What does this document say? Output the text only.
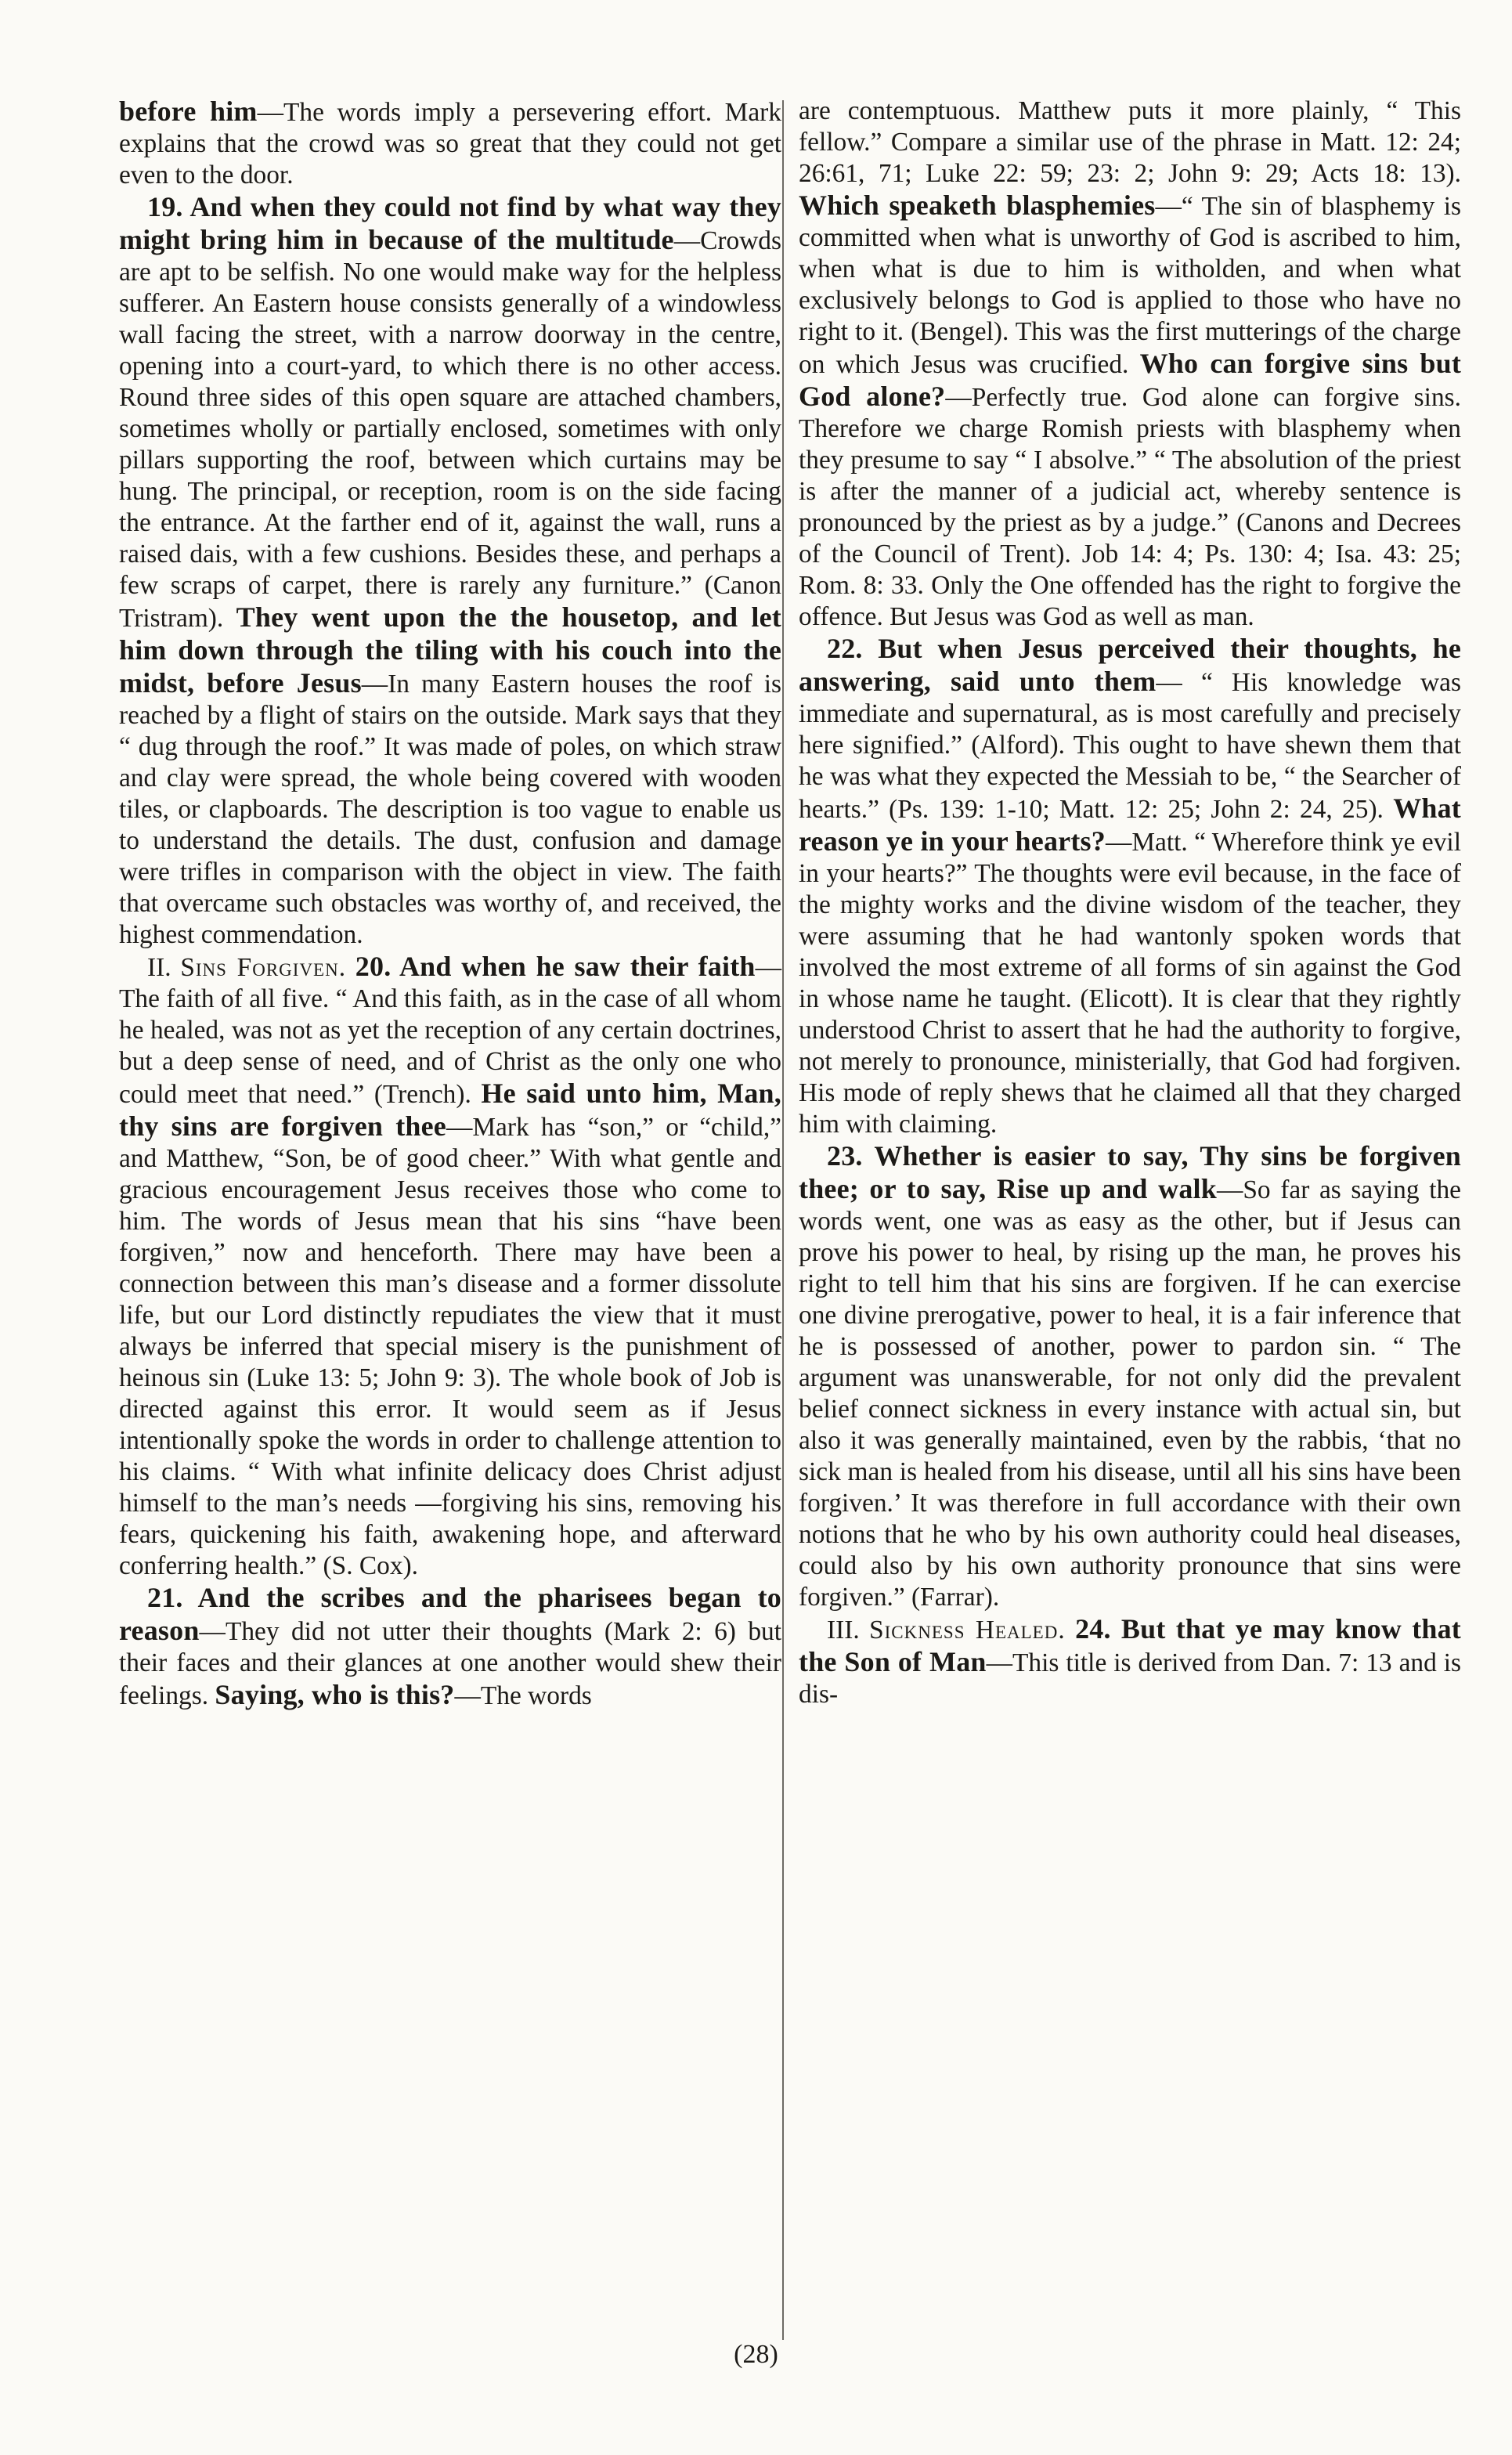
before him—The words imply a persevering effort. Mark explains that the crowd was so great that they could not get even to the door.

19. And when they could not find by what way they might bring him in because of the multitude—Crowds are apt to be selfish. No one would make way for the helpless sufferer. An Eastern house consists generally of a windowless wall facing the street, with a narrow doorway in the centre, opening into a court-yard, to which there is no other access. Round three sides of this open square are attached chambers, sometimes wholly or partially enclosed, sometimes with only pillars supporting the roof, between which curtains may be hung. The principal, or reception, room is on the side facing the entrance. At the farther end of it, against the wall, runs a raised dais, with a few cushions. Besides these, and perhaps a few scraps of carpet, there is rarely any furniture.” (Canon Tristram). They went upon the the housetop, and let him down through the tiling with his couch into the midst, before Jesus—In many Eastern houses the roof is reached by a flight of stairs on the outside. Mark says that they “ dug through the roof.” It was made of poles, on which straw and clay were spread, the whole being covered with wooden tiles, or clapboards. The description is too vague to enable us to understand the details. The dust, confusion and damage were trifles in comparison with the object in view. The faith that overcame such obstacles was worthy of, and received, the highest commendation.

II. Sins Forgiven. 20. And when he saw their faith—The faith of all five. “ And this faith, as in the case of all whom he healed, was not as yet the reception of any certain doctrines, but a deep sense of need, and of Christ as the only one who could meet that need.” (Trench). He said unto him, Man, thy sins are forgiven thee—Mark has “son,” or “child,” and Matthew, “Son, be of good cheer.” With what gentle and gracious encouragement Jesus receives those who come to him. The words of Jesus mean that his sins “have been forgiven,” now and henceforth. There may have been a connection between this man’s disease and a former dissolute life, but our Lord distinctly repudiates the view that it must always be inferred that special misery is the punishment of heinous sin (Luke 13: 5; John 9: 3). The whole book of Job is directed against this error. It would seem as if Jesus intentionally spoke the words in order to challenge attention to his claims. “ With what infinite delicacy does Christ adjust himself to the man’s needs —forgiving his sins, removing his fears, quickening his faith, awakening hope, and afterward conferring health.” (S. Cox).

21. And the scribes and the pharisees began to reason—They did not utter their thoughts (Mark 2: 6) but their faces and their glances at one another would shew their feelings. Saying, who is this?—The words

are contemptuous. Matthew puts it more plainly, “ This fellow.” Compare a similar use of the phrase in Matt. 12: 24; 26:61, 71; Luke 22: 59; 23: 2; John 9: 29; Acts 18: 13). Which speaketh blasphemies—“ The sin of blasphemy is committed when what is unworthy of God is ascribed to him, when what is due to him is witholden, and when what exclusively belongs to God is applied to those who have no right to it. (Bengel). This was the first mutterings of the charge on which Jesus was crucified. Who can forgive sins but God alone?—Perfectly true. God alone can forgive sins. Therefore we charge Romish priests with blasphemy when they presume to say “ I absolve.” “ The absolution of the priest is after the manner of a judicial act, whereby sentence is pronounced by the priest as by a judge.” (Canons and Decrees of the Council of Trent). Job 14: 4; Ps. 130: 4; Isa. 43: 25; Rom. 8: 33. Only the One offended has the right to forgive the offence. But Jesus was God as well as man.

22. But when Jesus perceived their thoughts, he answering, said unto them— “ His knowledge was immediate and supernatural, as is most carefully and precisely here signified.” (Alford). This ought to have shewn them that he was what they expected the Messiah to be, “ the Searcher of hearts.” (Ps. 139: 1-10; Matt. 12: 25; John 2: 24, 25). What reason ye in your hearts?—Matt. “ Wherefore think ye evil in your hearts?” The thoughts were evil because, in the face of the mighty works and the divine wisdom of the teacher, they were assuming that he had wantonly spoken words that involved the most extreme of all forms of sin against the God in whose name he taught. (Elicott). It is clear that they rightly understood Christ to assert that he had the authority to forgive, not merely to pronounce, ministerially, that God had forgiven. His mode of reply shews that he claimed all that they charged him with claiming.

23. Whether is easier to say, Thy sins be forgiven thee; or to say, Rise up and walk—So far as saying the words went, one was as easy as the other, but if Jesus can prove his power to heal, by rising up the man, he proves his right to tell him that his sins are forgiven. If he can exercise one divine prerogative, power to heal, it is a fair inference that he is possessed of another, power to pardon sin. “ The argument was unanswerable, for not only did the prevalent belief connect sickness in every instance with actual sin, but also it was generally maintained, even by the rabbis, ‘that no sick man is healed from his disease, until all his sins have been forgiven.’ It was therefore in full accordance with their own notions that he who by his own authority could heal diseases, could also by his own authority pronounce that sins were forgiven.” (Farrar).

III. Sickness Healed. 24. But that ye may know that the Son of Man—This title is derived from Dan. 7: 13 and is dis-

(28)
